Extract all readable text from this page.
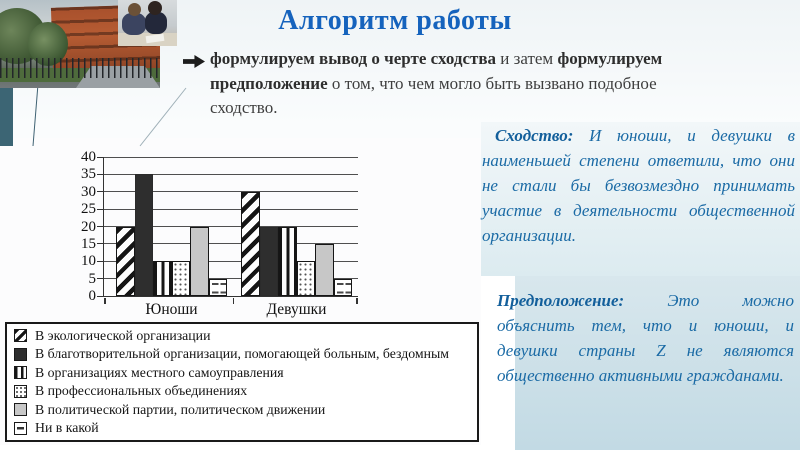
Алгоритм работы

формулируем вывод о черте сходства и затем формулируем предположение о том, что чем могло быть вызвано подобное сходство.

Сходство: И юноши, и девушки в наименьшей степени ответили, что они не стали бы безвозмездно принимать участие в деятельности общественной организации.
Предположение: Это можно объяснить тем, что и юноши, и девушки страны Z не являются общественно активными гражданами.
0
5
10
15
20
25
30
35
40
Юноши	Девушки
В экологической организации
В благотворительной организации, помогающей больным, бездомным
В организациях местного самоуправления
В профессиональных объединениях
В политической партии, политическом движении
Ни в какой
